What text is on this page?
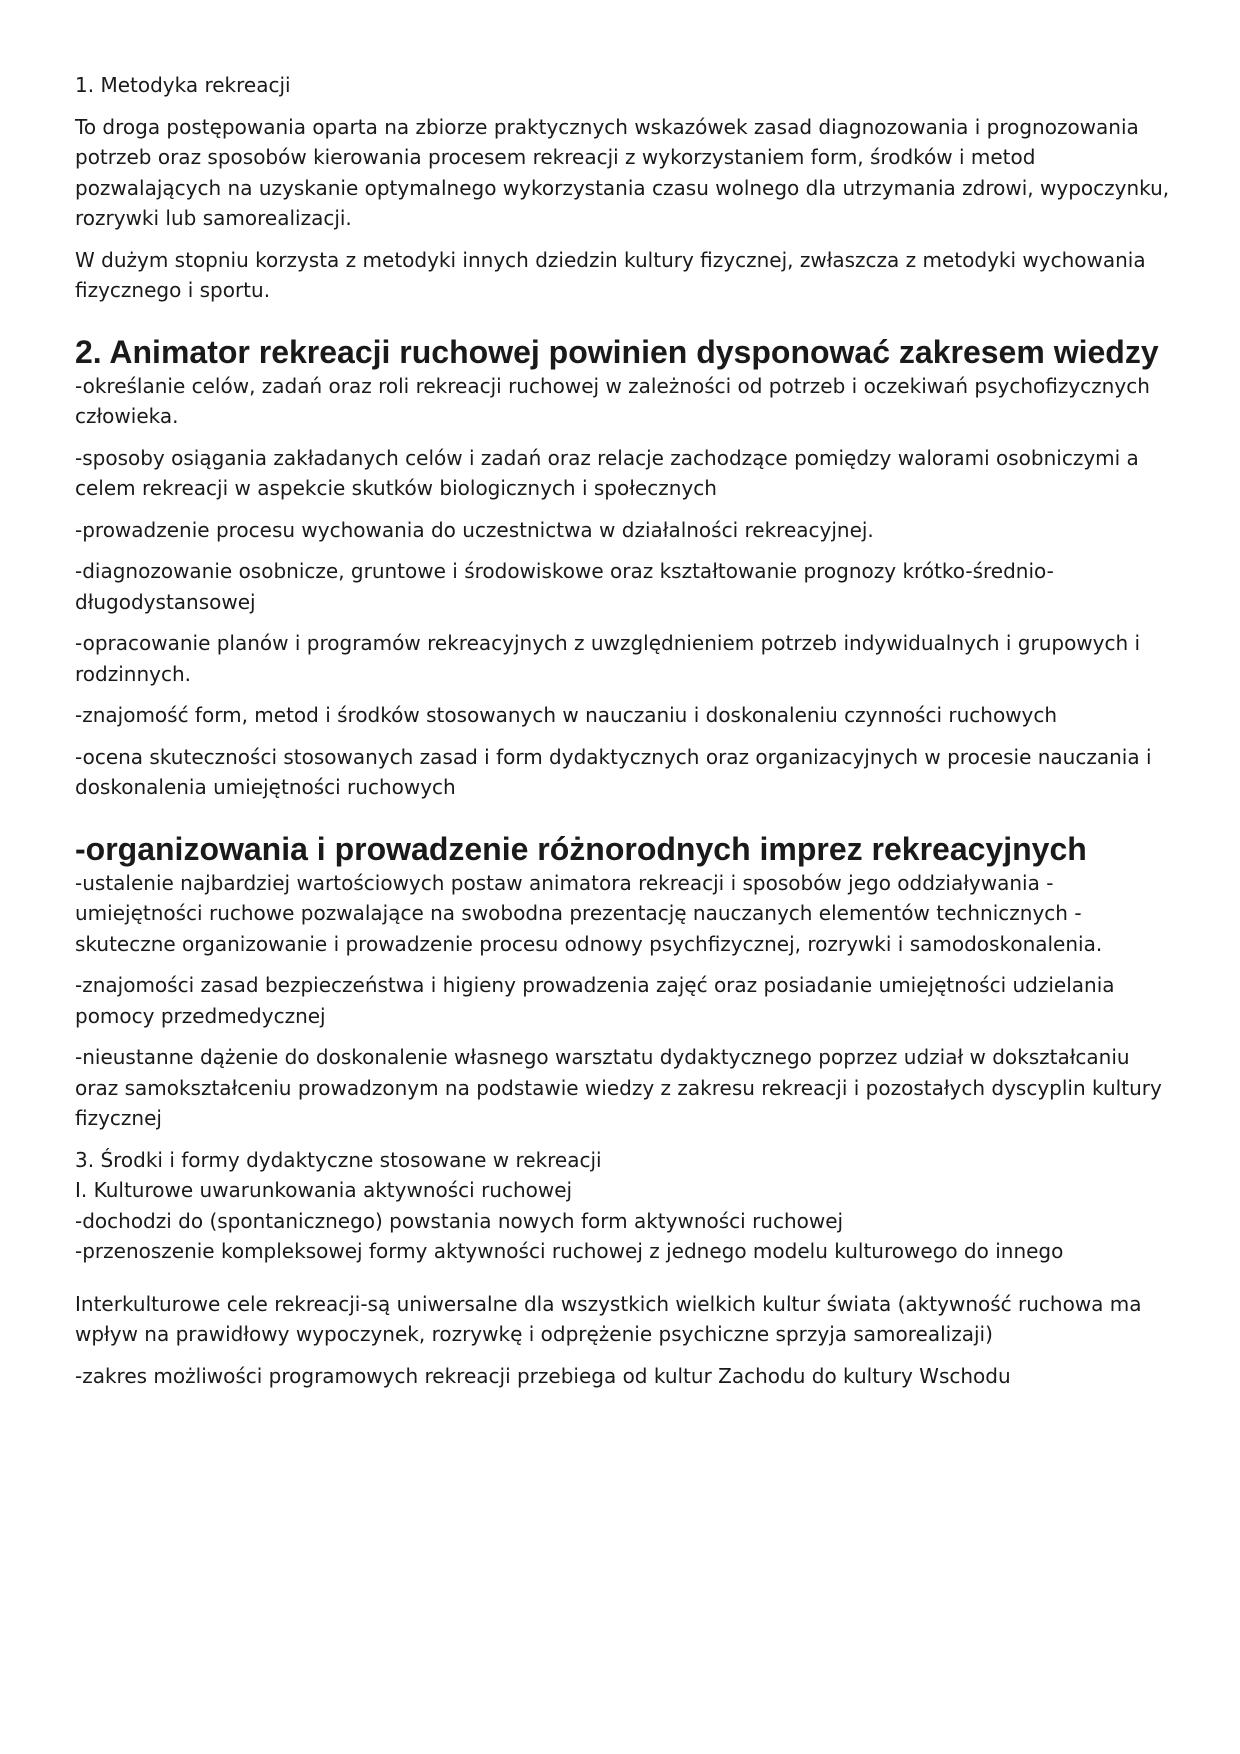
1. Metodyka rekreacji

To droga postępowania oparta na zbiorze praktycznych wskazówek zasad diagnozowania i prognozowania potrzeb oraz sposobów kierowania procesem rekreacji z wykorzystaniem form, środków i metod pozwalających na uzyskanie optymalnego wykorzystania czasu wolnego dla utrzymania zdrowi, wypoczynku, rozrywki lub samorealizacji.

W dużym stopniu korzysta z metodyki innych dziedzin kultury fizycznej, zwłaszcza z metodyki wychowania fizycznego i sportu.

2. Animator rekreacji ruchowej powinien dysponować zakresem wiedzy

-określanie celów, zadań oraz roli rekreacji ruchowej w zależności od potrzeb i oczekiwań psychofizycznych człowieka.

-sposoby osiągania zakładanych celów i zadań oraz relacje zachodzące pomiędzy walorami osobniczymi a celem rekreacji w aspekcie skutków biologicznych i społecznych

-prowadzenie procesu wychowania do uczestnictwa w działalności rekreacyjnej.

-diagnozowanie osobnicze, gruntowe i środowiskowe oraz kształtowanie prognozy krótko-średnio-długodystansowej

-opracowanie planów i programów rekreacyjnych z uwzględnieniem potrzeb indywidualnych i grupowych i rodzinnych.

-znajomość form, metod i środków stosowanych w nauczaniu i doskonaleniu czynności ruchowych

-ocena skuteczności stosowanych zasad i form dydaktycznych oraz organizacyjnych w procesie nauczania i doskonalenia umiejętności ruchowych

-organizowania i prowadzenie różnorodnych imprez rekreacyjnych

-ustalenie najbardziej wartościowych postaw animatora rekreacji i sposobów jego oddziaływania -umiejętności ruchowe pozwalające na swobodna prezentację nauczanych elementów technicznych -skuteczne organizowanie i prowadzenie procesu odnowy psychfizycznej, rozrywki i samodoskonalenia.

-znajomości zasad bezpieczeństwa i higieny prowadzenia zajęć oraz posiadanie umiejętności udzielania pomocy przedmedycznej

-nieustanne dążenie do doskonalenie własnego warsztatu dydaktycznego poprzez udział w dokształcaniu oraz samokształceniu prowadzonym na podstawie wiedzy z zakresu rekreacji i pozostałych dyscyplin kultury fizycznej

3. Środki i formy dydaktyczne stosowane w rekreacji

I. Kulturowe uwarunkowania aktywności ruchowej

-dochodzi do (spontanicznego) powstania nowych form aktywności ruchowej

-przenoszenie kompleksowej formy aktywności ruchowej z jednego modelu kulturowego do innego

Interkulturowe cele rekreacji-są uniwersalne dla wszystkich wielkich kultur świata (aktywność ruchowa ma wpływ na prawidłowy wypoczynek, rozrywkę i odprężenie psychiczne sprzyja samorealizaji)

-zakres możliwości programowych rekreacji przebiega od kultur Zachodu do kultury Wschodu
